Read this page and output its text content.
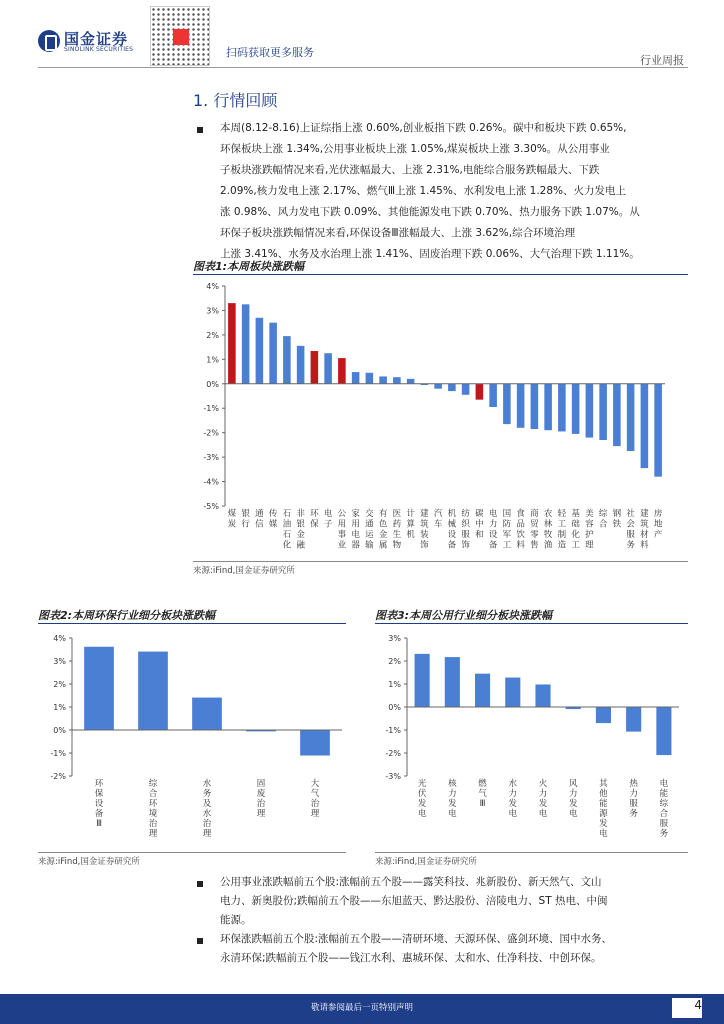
国金证券
SINOLINK SECURITIES	扫码获取更多服务
行业周报
1. 行情回顾

本周(8.12-8.16)上证综指上涨 0.60%,创业板指下跌 0.26%。碳中和板块下跌 0.65%,

环保板块上涨 1.34%,公用事业板块上涨 1.05%,煤炭板块上涨 3.30%。从公用事业

子板块涨跌幅情况来看,光伏涨幅最大、上涨 2.31%,电能综合服务跌幅最大、下跌

2.09%,核力发电上涨 2.17%、燃气Ⅲ上涨 1.45%、水利发电上涨 1.28%、火力发电上

涨 0.98%、风力发电下跌 0.09%、其他能源发电下跌 0.70%、热力服务下跌 1.07%。从

环保子板块涨跌幅情况来看,环保设备Ⅲ涨幅最大、上涨 3.62%,综合环境治理

上涨 3.41%、水务及水治理上涨 1.41%、固废治理下跌 0.06%、大气治理下跌 1.11%。

图表1:本周板块涨跌幅
4%
3%
2%
1%
0%
-1%
-2%
-3%
-4%
-5%
煤
炭
银
行
通
信
传
媒
石
油
石
化
非
银
金
融
环
保
电
子
公
用
事
业
家
用
电
器
交
通
运
输
有
色
金
属
医
药
生
物
计
算
机
建
筑
装
饰
汽
车
机
械
设
备
纺
织
服
饰
碳
中
和
电
力
设
备
国
防
军
工
食
品
饮
料
商
贸
零
售
农
林
牧
渔
轻
工
制
造
基
础
化
工
美
容
护
理
综
合
钢
铁
社
会
服
务
建
筑
材
料
房
地
产
来源:iFind,国金证券研究所
图表2:本周环保行业细分板块涨跌幅
4%
3%
2%
1%
0%
-1%
-2%
环
保
设
备
Ⅲ
综
合
环
境
治
理
水
务
及
水
治
理
固
废
治
理
大
气
治
理
来源:iFind,国金证券研究所
图表3:本周公用行业细分板块涨跌幅
3%
2%
1%
0%
-1%
-2%
-3%
光
伏
发
电
核
力
发
电
燃
气
Ⅲ
水
力
发
电
火
力
发
电
风
力
发
电
其
他
能
源
发
电
热
力
服
务
电
能
综
合
服
务
来源:iFind,国金证券研究所

公用事业涨跌幅前五个股:涨幅前五个股——露笑科技、兆新股份、新天然气、文山

电力、新奥股份;跌幅前五个股——东旭蓝天、黔达股份、涪陵电力、ST 热电、中闽

能源。

环保涨跌幅前五个股:涨幅前五个股——清研环境、天源环保、盛剑环境、国中水务、

永清环保;跌幅前五个股——钱江水利、惠城环保、太和水、仕净科技、中创环保。

敬请参阅最后一页特别声明	4
